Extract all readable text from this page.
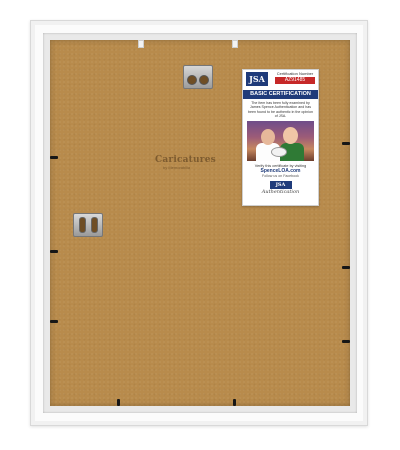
Caricatures
by Memorabilia
JSA
Certification Number
AZ91485
BASIC CERTIFICATION
The item has been fully examined by James Spence Authentication and has been found to be authentic in the opinion of JSA.
Verify this certificate by visiting
SpenceLOA.com
Follow us on Facebook
JSA
Authentication
